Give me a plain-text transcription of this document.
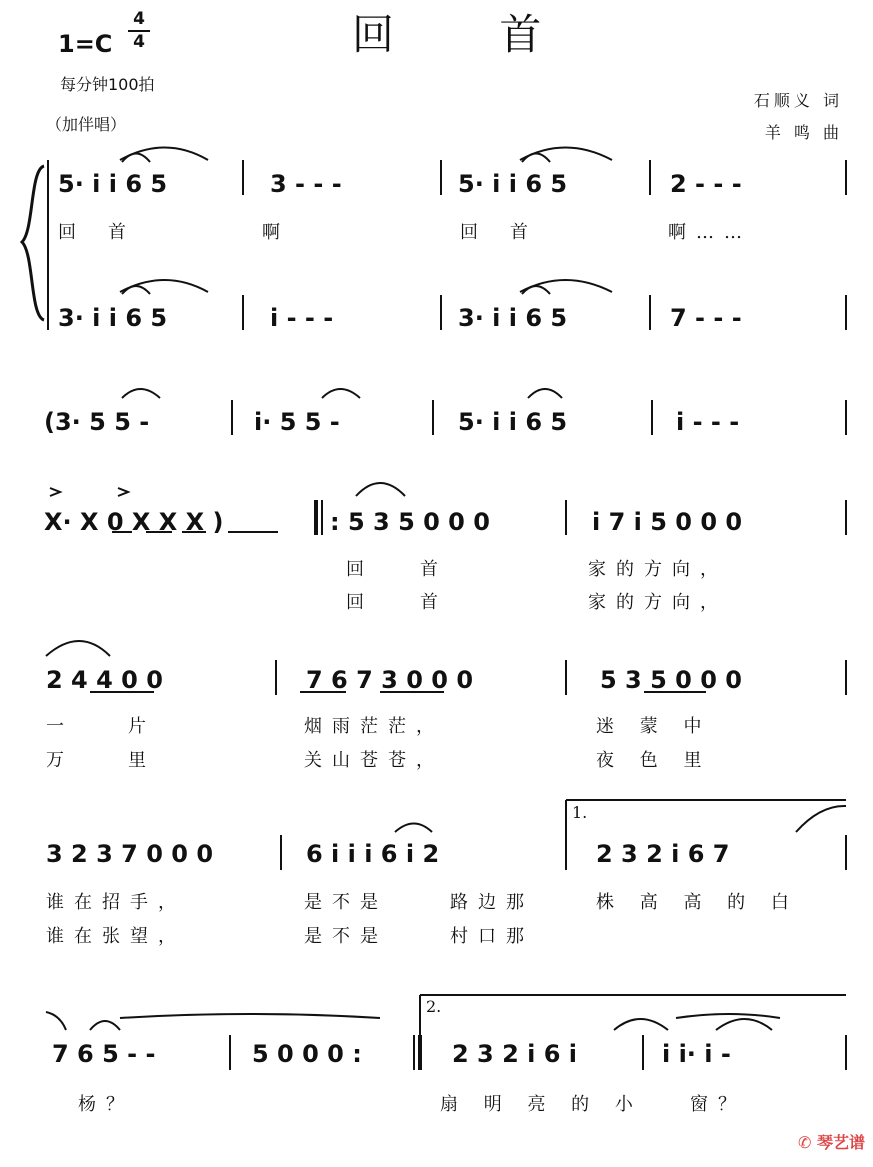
回 首
1=C
4
4
每分钟100拍
（加伴唱）
石顺义 词
羊 鸣 曲
5· i i 6 5	3 - - -	5· i i 6 5	2 - - -
3· i i 6 5	i - - -	3· i i 6 5	7 - - -
(3· 5 5 -	i· 5 5 -	5· i i 6 5	i - - -
X· X 0 X X X )	: 5 3 5 0 0 0	i 7 i 5 0 0 0
2 4 4 0 0	7 6 7 3 0 0 0	5 3 5 0 0 0
3 2 3 7 0 0 0	6 i i i 6 i 2	2 3 2 i 6 7
7 6 5 - -	5 0 0 0 :	2 3 2 i 6 i	i i· i -
1.
2.
回 首	啊	回 首	啊……
回	首	家的方向，
回	首	家的方向，
一	片	烟雨茫茫，	迷 蒙 中
万	里	关山苍苍，	夜 色 里
谁在招手，	是不是	路边那	株 高 高 的 白
谁在张望，	是不是	村口那
杨？	扇 明 亮 的 小	窗？
✆ 琴艺谱
